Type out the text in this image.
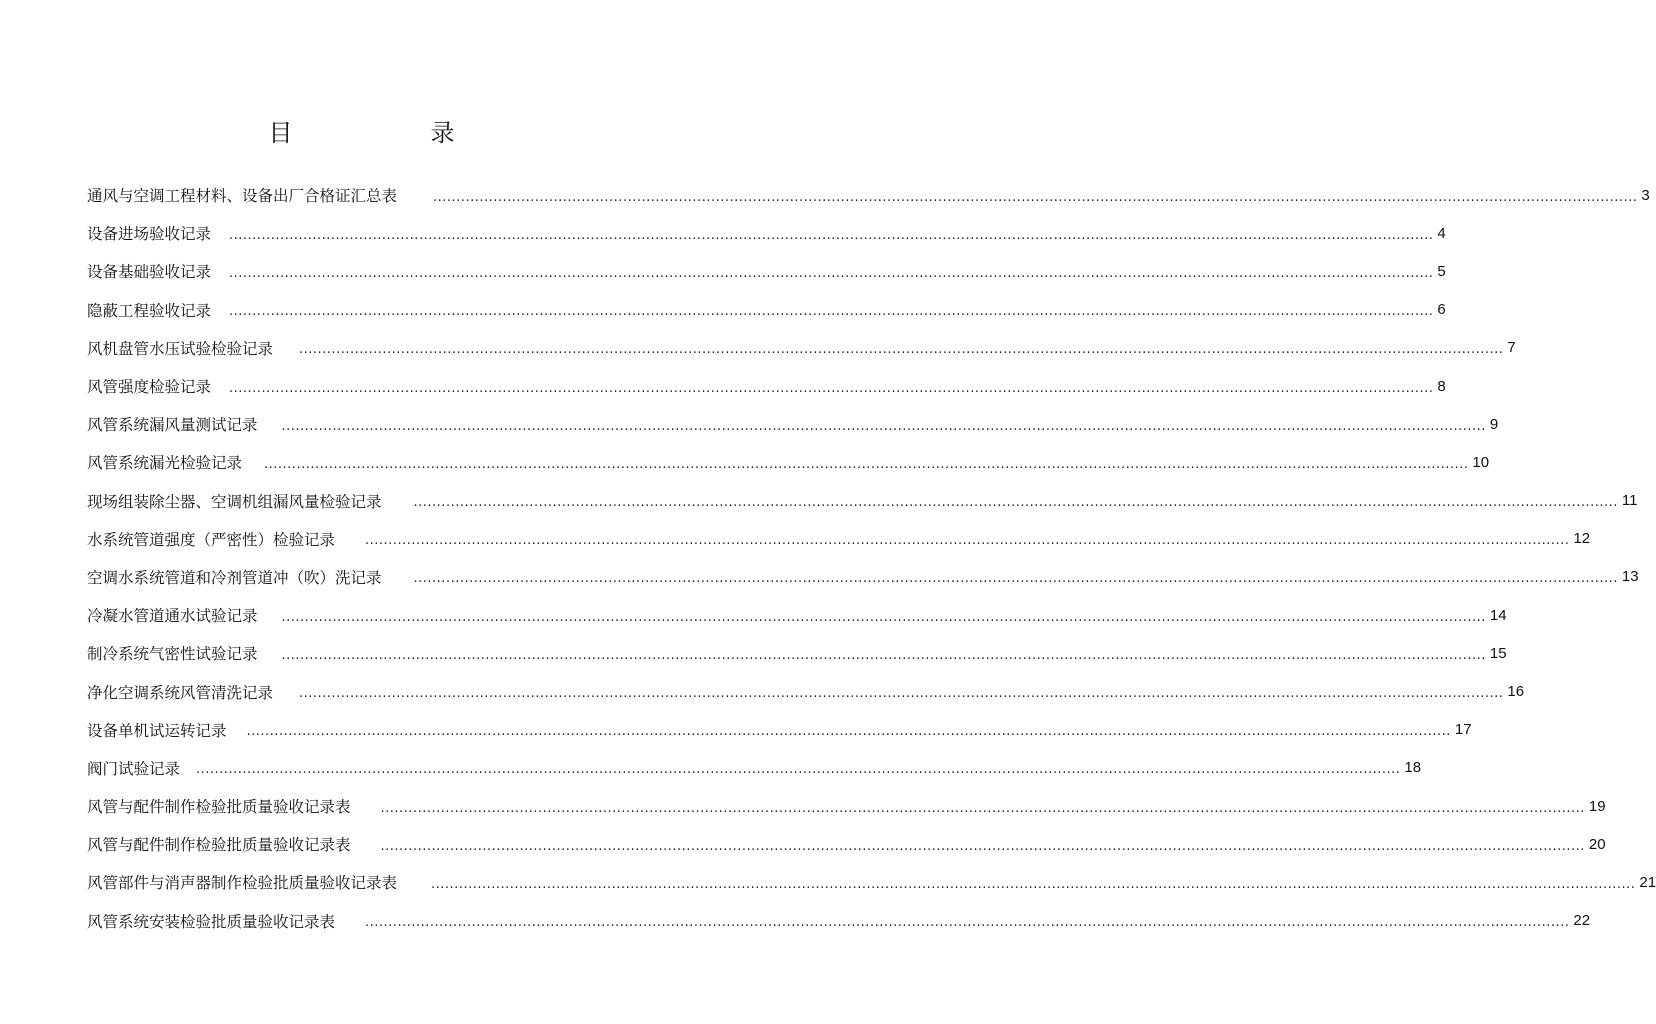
目　　录
通风与空调工程材料、设备出厂合格证汇总表	.................................................................................................................................................................................................................................................................... 3
设备进场验收记录 .................................................................................................................................................................................................................................................................... 4
设备基础验收记录 .................................................................................................................................................................................................................................................................... 5
隐蔽工程验收记录 .................................................................................................................................................................................................................................................................... 6
风机盘管水压试验检验记录 .................................................................................................................................................................................................................................................................... 7
风管强度检验记录 .................................................................................................................................................................................................................................................................... 8
风管系统漏风量测试记录 .................................................................................................................................................................................................................................................................... 9
风管系统漏光检验记录 .................................................................................................................................................................................................................................................................... 10
现场组装除尘器、空调机组漏风量检验记录 .................................................................................................................................................................................................................................................................... 11
水系统管道强度（严密性）检验记录 .................................................................................................................................................................................................................................................................... 12
空调水系统管道和冷剂管道冲（吹）洗记录 .................................................................................................................................................................................................................................................................... 13
冷凝水管道通水试验记录 .................................................................................................................................................................................................................................................................... 14
制冷系统气密性试验记录 .................................................................................................................................................................................................................................................................... 15
净化空调系统风管清洗记录 .................................................................................................................................................................................................................................................................... 16
设备单机试运转记录 .................................................................................................................................................................................................................................................................... 17
阀门试验记录 .................................................................................................................................................................................................................................................................... 18
风管与配件制作检验批质量验收记录表 .................................................................................................................................................................................................................................................................... 19
风管与配件制作检验批质量验收记录表 .................................................................................................................................................................................................................................................................... 20
风管部件与消声器制作检验批质量验收记录表	.................................................................................................................................................................................................................................................................... 21
风管系统安装检验批质量验收记录表 .................................................................................................................................................................................................................................................................... 22
